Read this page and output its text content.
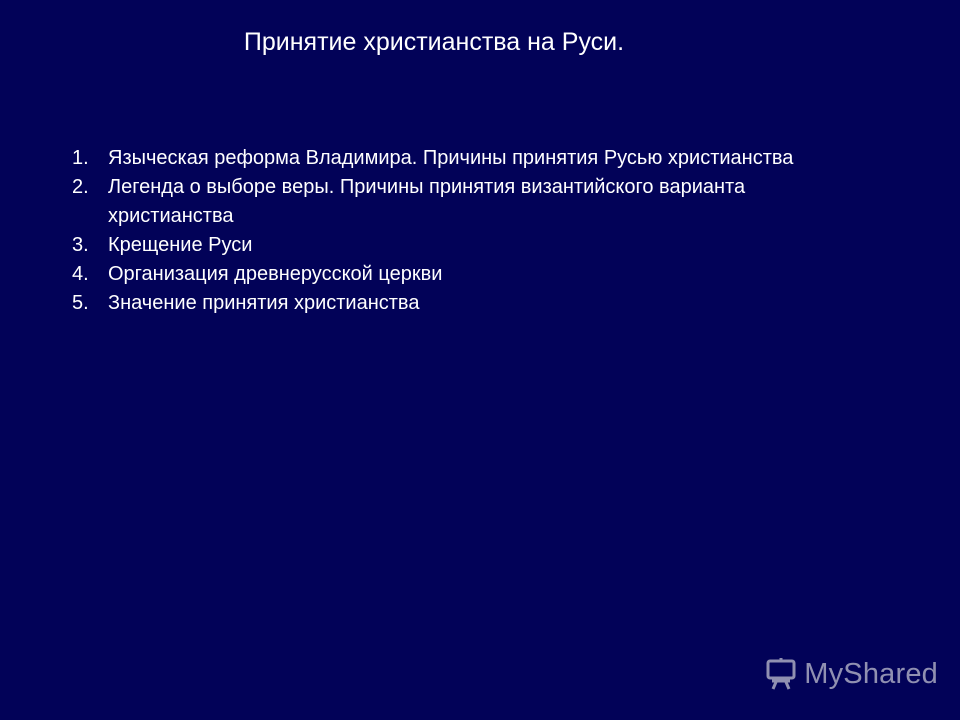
Принятие христианства на Руси.
1. Языческая реформа Владимира. Причины принятия Русью христианства
2. Легенда о выборе веры. Причины принятия византийского варианта христианства
3. Крещение Руси
4. Организация древнерусской церкви
5. Значение принятия христианства
MyShared
